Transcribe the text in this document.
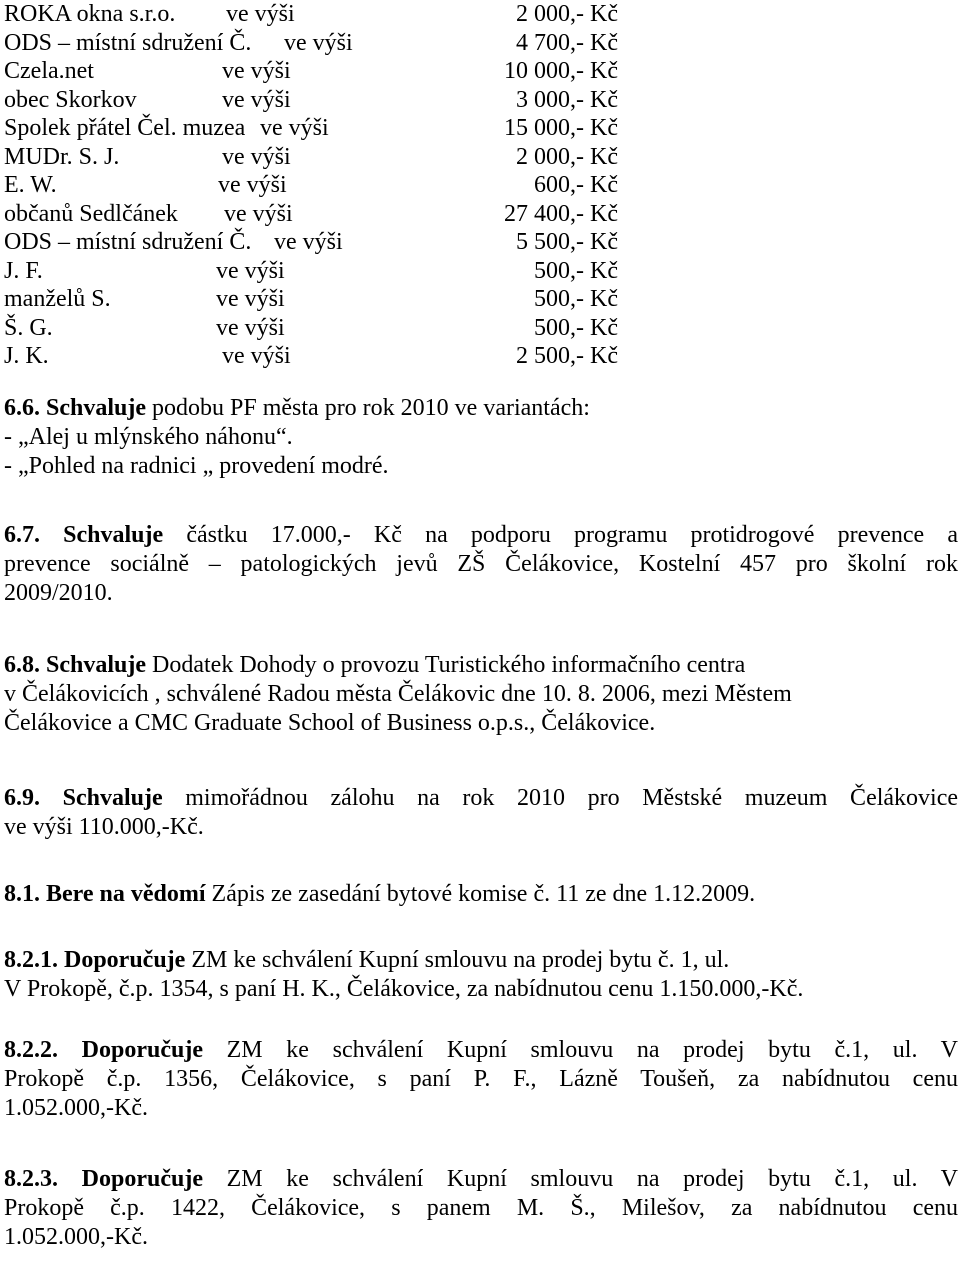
ROKA okna s.r.o. ve výši	2 000,- Kč
ODS – místní sdružení Č. ve výši	4 700,- Kč
Czela.net	ve výši	10 000,- Kč
obec Skorkov	ve výši	3 000,- Kč
Spolek přátel Čel. muzea ve výši	15 000,- Kč
MUDr. S. J.	ve výši	2 000,- Kč
E. W.	ve výši	600,- Kč
občanů Sedlčánek ve výši	27 400,- Kč
ODS – místní sdružení Č. ve výši	5 500,- Kč
J. F.	ve výši	500,- Kč
manželů S.	ve výši	500,- Kč
Š. G.	ve výši	500,- Kč
J. K.	ve výši	2 500,- Kč
6.6. Schvaluje podobu PF města pro rok 2010 ve variantách:
- „Alej u mlýnského náhonu“.
- „Pohled na radnici „ provedení modré.
6.7. Schvaluje částku 17.000,- Kč na podporu programu protidrogové prevence a
prevence sociálně – patologických jevů ZŠ Čelákovice, Kostelní 457 pro školní rok
2009/2010.
6.8. Schvaluje Dodatek Dohody o provozu Turistického informačního centra
v Čelákovicích , schválené Radou města Čelákovic dne 10. 8. 2006, mezi Městem
Čelákovice a CMC Graduate School of Business o.p.s., Čelákovice.
6.9. Schvaluje mimořádnou zálohu na rok 2010 pro Městské muzeum Čelákovice
ve výši 110.000,-Kč.
8.1. Bere na vědomí Zápis ze zasedání bytové komise č. 11 ze dne 1.12.2009.
8.2.1. Doporučuje ZM ke schválení Kupní smlouvu na prodej bytu č. 1, ul.
V Prokopě, č.p. 1354, s paní H. K., Čelákovice, za nabídnutou cenu 1.150.000,-Kč.
8.2.2. Doporučuje ZM ke schválení Kupní smlouvu na prodej bytu č.1, ul. V
Prokopě č.p. 1356, Čelákovice, s paní P. F., Lázně Toušeň, za nabídnutou cenu
1.052.000,-Kč.
8.2.3. Doporučuje ZM ke schválení Kupní smlouvu na prodej bytu č.1, ul. V
Prokopě č.p. 1422, Čelákovice, s panem M. Š., Milešov, za nabídnutou cenu
1.052.000,-Kč.
